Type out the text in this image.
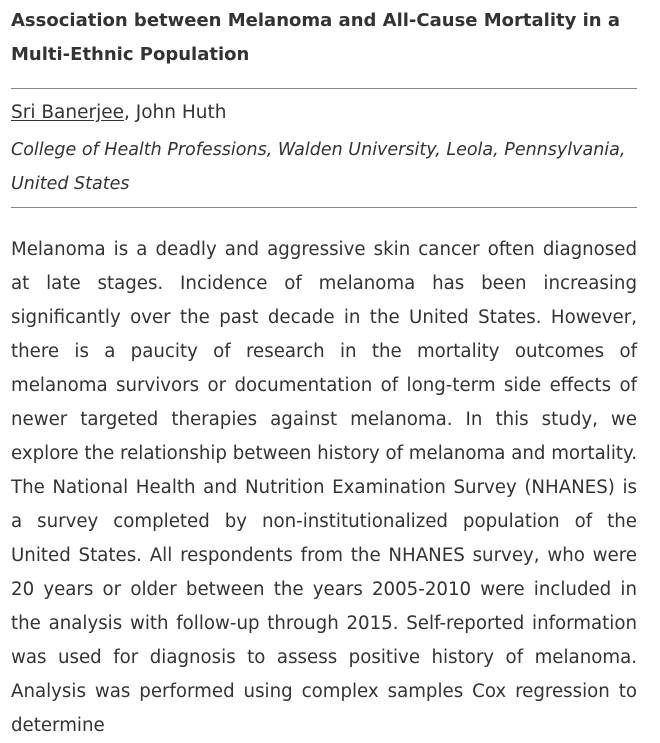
Association between Melanoma and All-Cause Mortality in a Multi-Ethnic Population
Sri Banerjee, John Huth
College of Health Professions, Walden University, Leola, Pennsylvania, United States

Melanoma is a deadly and aggressive skin cancer often diagnosed at late stages. Incidence of melanoma has been increasing significantly over the past decade in the United States. However, there is a paucity of research in the mortality outcomes of melanoma survivors or documentation of long-term side effects of newer targeted therapies against melanoma. In this study, we explore the relationship between history of melanoma and mortality.

The National Health and Nutrition Examination Survey (NHANES) is a survey completed by non-institutionalized population of the United States. All respondents from the NHANES survey, who were 20 years or older between the years 2005-2010 were included in the analysis with follow-up through 2015. Self-reported information was used for diagnosis to assess positive history of melanoma. Analysis was performed using complex samples Cox regression to determine
